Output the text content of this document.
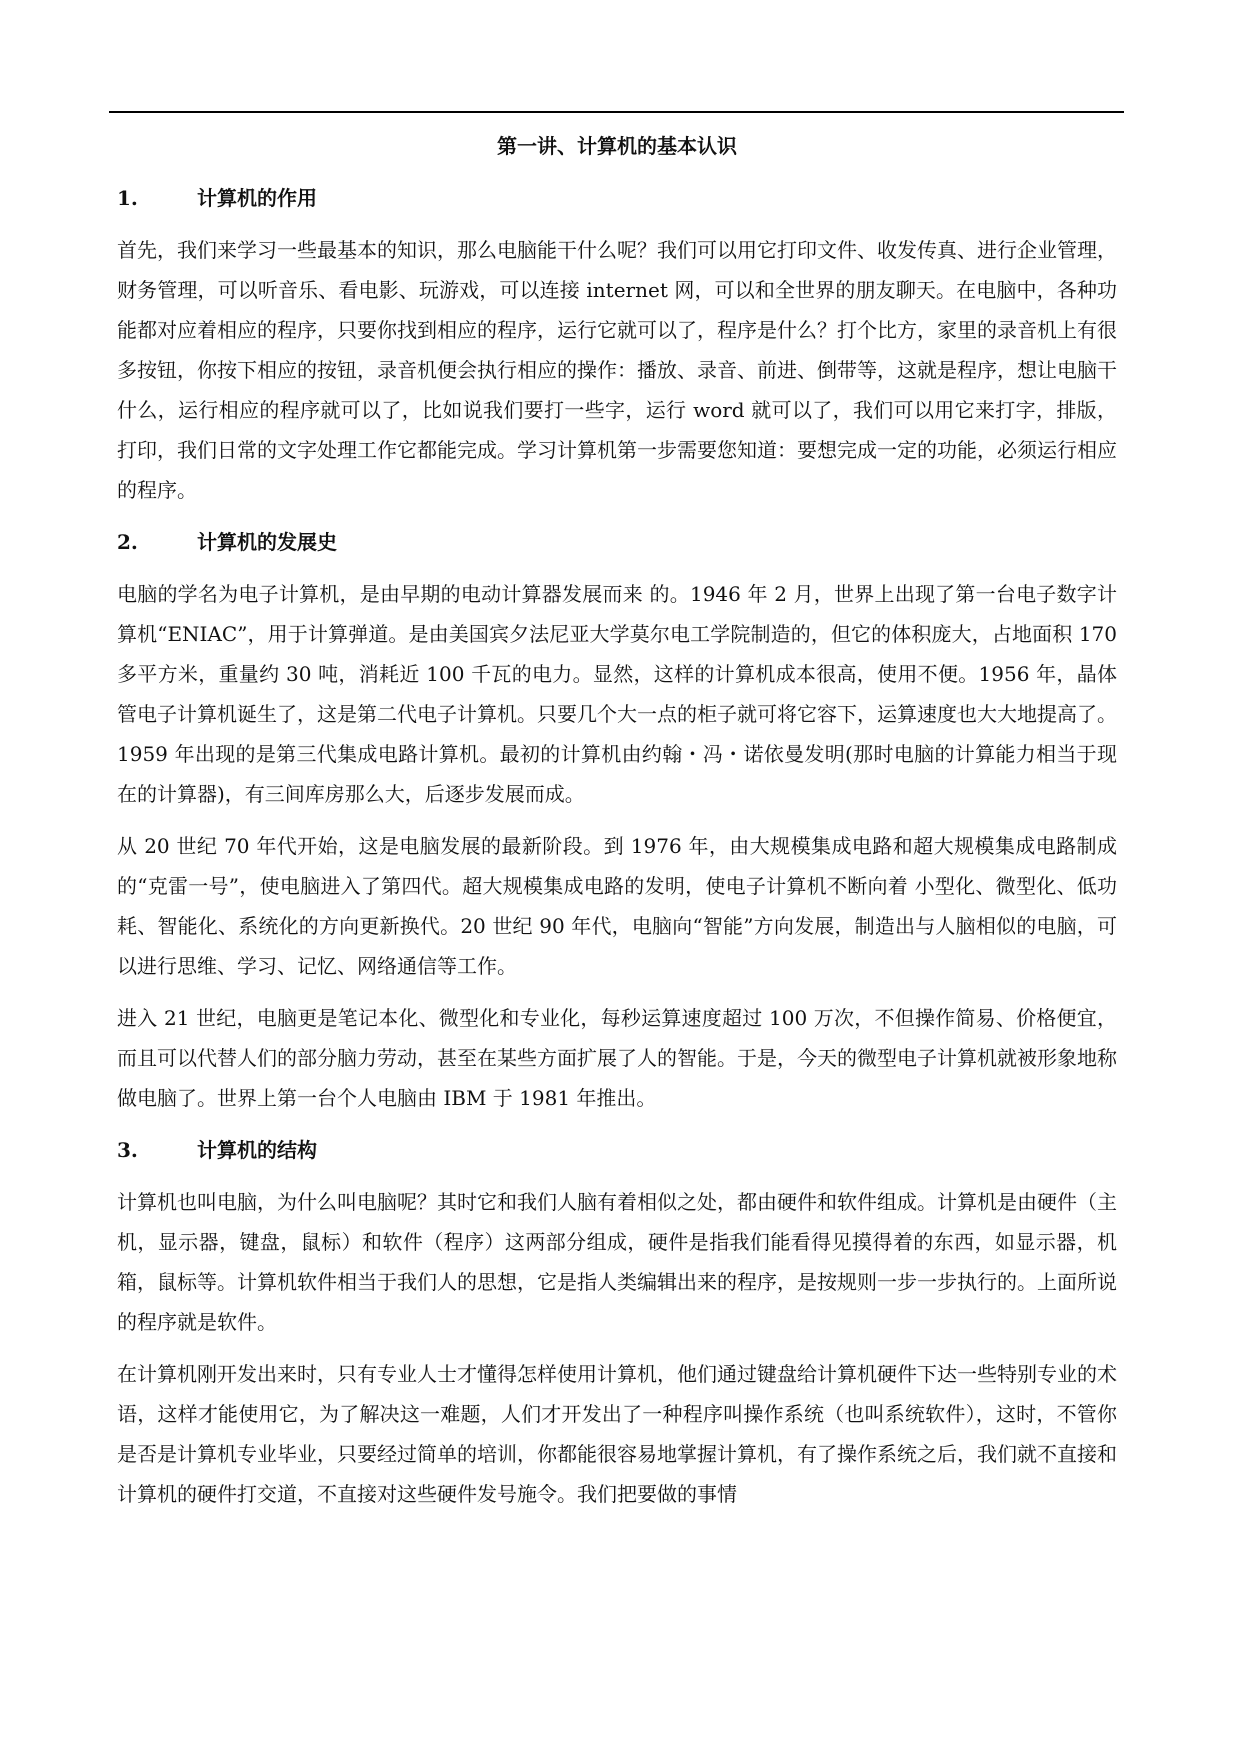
第一讲、计算机的基本认识
1.	计算机的作用

首先，我们来学习一些最基本的知识，那么电脑能干什么呢？我们可以用它打印文件、收发传真、进行企业管理，财务管理，可以听音乐、看电影、玩游戏，可以连接 internet 网，可以和全世界的朋友聊天。在电脑中，各种功能都对应着相应的程序，只要你找到相应的程序，运行它就可以了，程序是什么？打个比方，家里的录音机上有很多按钮，你按下相应的按钮，录音机便会执行相应的操作：播放、录音、前进、倒带等，这就是程序，想让电脑干什么，运行相应的程序就可以了，比如说我们要打一些字，运行 word 就可以了，我们可以用它来打字，排版，打印，我们日常的文字处理工作它都能完成。学习计算机第一步需要您知道：要想完成一定的功能，必须运行相应的程序。

2.	计算机的发展史

电脑的学名为电子计算机，是由早期的电动计算器发展而来 的。1946 年 2 月，世界上出现了第一台电子数字计算机“ENIAC”，用于计算弹道。是由美国宾夕法尼亚大学莫尔电工学院制造的，但它的体积庞大，占地面积 170 多平方米，重量约 30 吨，消耗近 100 千瓦的电力。显然，这样的计算机成本很高，使用不便。1956 年，晶体管电子计算机诞生了，这是第二代电子计算机。只要几个大一点的柜子就可将它容下，运算速度也大大地提高了。1959 年出现的是第三代集成电路计算机。最初的计算机由约翰・冯・诺依曼发明(那时电脑的计算能力相当于现在的计算器)，有三间库房那么大，后逐步发展而成。

从 20 世纪 70 年代开始，这是电脑发展的最新阶段。到 1976 年，由大规模集成电路和超大规模集成电路制成的“克雷一号”，使电脑进入了第四代。超大规模集成电路的发明，使电子计算机不断向着 小型化、微型化、低功耗、智能化、系统化的方向更新换代。20 世纪 90 年代，电脑向“智能”方向发展，制造出与人脑相似的电脑，可以进行思维、学习、记忆、网络通信等工作。

进入 21 世纪，电脑更是笔记本化、微型化和专业化，每秒运算速度超过 100 万次，不但操作简易、价格便宜，而且可以代替人们的部分脑力劳动，甚至在某些方面扩展了人的智能。于是，今天的微型电子计算机就被形象地称做电脑了。世界上第一台个人电脑由 IBM 于 1981 年推出。

3.	计算机的结构

计算机也叫电脑，为什么叫电脑呢？其时它和我们人脑有着相似之处，都由硬件和软件组成。计算机是由硬件（主机，显示器，键盘，鼠标）和软件（程序）这两部分组成，硬件是指我们能看得见摸得着的东西，如显示器，机箱，鼠标等。计算机软件相当于我们人的思想，它是指人类编辑出来的程序，是按规则一步一步执行的。上面所说的程序就是软件。

在计算机刚开发出来时，只有专业人士才懂得怎样使用计算机，他们通过键盘给计算机硬件下达一些特别专业的术语，这样才能使用它，为了解决这一难题，人们才开发出了一种程序叫操作系统（也叫系统软件），这时，不管你是否是计算机专业毕业，只要经过简单的培训，你都能很容易地掌握计算机，有了操作系统之后，我们就不直接和计算机的硬件打交道，不直接对这些硬件发号施令。我们把要做的事情
